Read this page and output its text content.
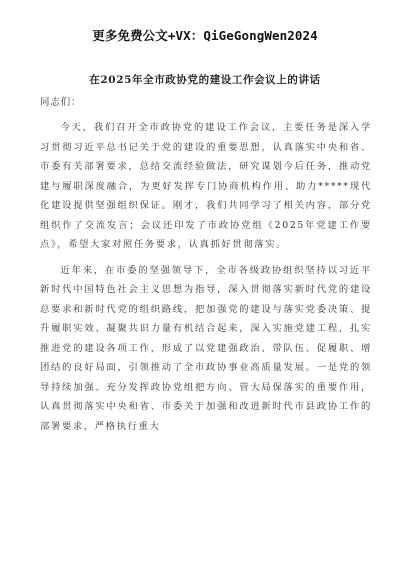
更多免费公文+VX：QiGeGongWen2024
在2025年全市政协党的建设工作会议上的讲话
同志们：

今天，我们召开全市政协党的建设工作会议，主要任务是深入学习贯彻习近平总书记关于党的建设的重要思想，认真落实中央和省、市委有关部署要求，总结交流经验做法，研究谋划今后任务，推动党建与履职深度融合，为更好发挥专门协商机构作用、助力*****现代化建设提供坚强组织保证。刚才，我们共同学习了相关内容，部分党组织作了交流发言；会议还印发了市政协党组《2025年党建工作要点》，希望大家对照任务要求，认真抓好贯彻落实。

近年来，在市委的坚强领导下，全市各级政协组织坚持以习近平新时代中国特色社会主义思想为指导，深入贯彻落实新时代党的建设总要求和新时代党的组织路线，把加强党的建设与落实党委决策、提升履职实效、凝聚共识力量有机结合起来，深入实施党建工程，扎实推进党的建设各项工作，形成了以党建强政治、带队伍、促履职、增团结的良好局面，引领推动了全市政协事业高质量发展。一是党的领导持续加强。充分发挥政协党组把方向、管大局保落实的重要作用，认真贯彻落实中央和省、市委关于加强和改进新时代市县政协工作的部署要求，严格执行重大
